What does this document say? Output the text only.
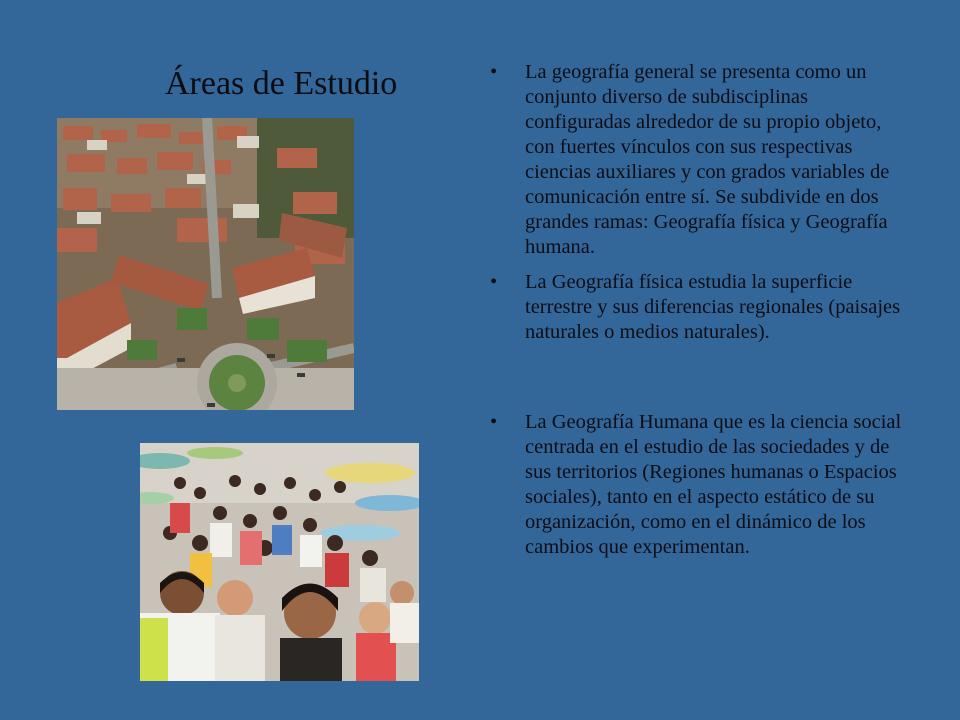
Áreas de Estudio	•	La geografía general se presenta como un conjunto diverso de subdisciplinas configuradas alrededor de su propio objeto, con fuertes vínculos con sus respectivas ciencias auxiliares y con grados variables de comunicación entre sí. Se subdivide en dos grandes ramas: Geografía física y Geografía humana.
•	La Geografía física estudia la superficie terrestre y sus diferencias regionales (paisajes naturales o medios naturales).
•	La Geografía Humana que es la ciencia social centrada en el estudio de las sociedades y de sus territorios (Regiones humanas o Espacios sociales), tanto en el aspecto estático de su organización, como en el dinámico de los cambios que experimentan.
